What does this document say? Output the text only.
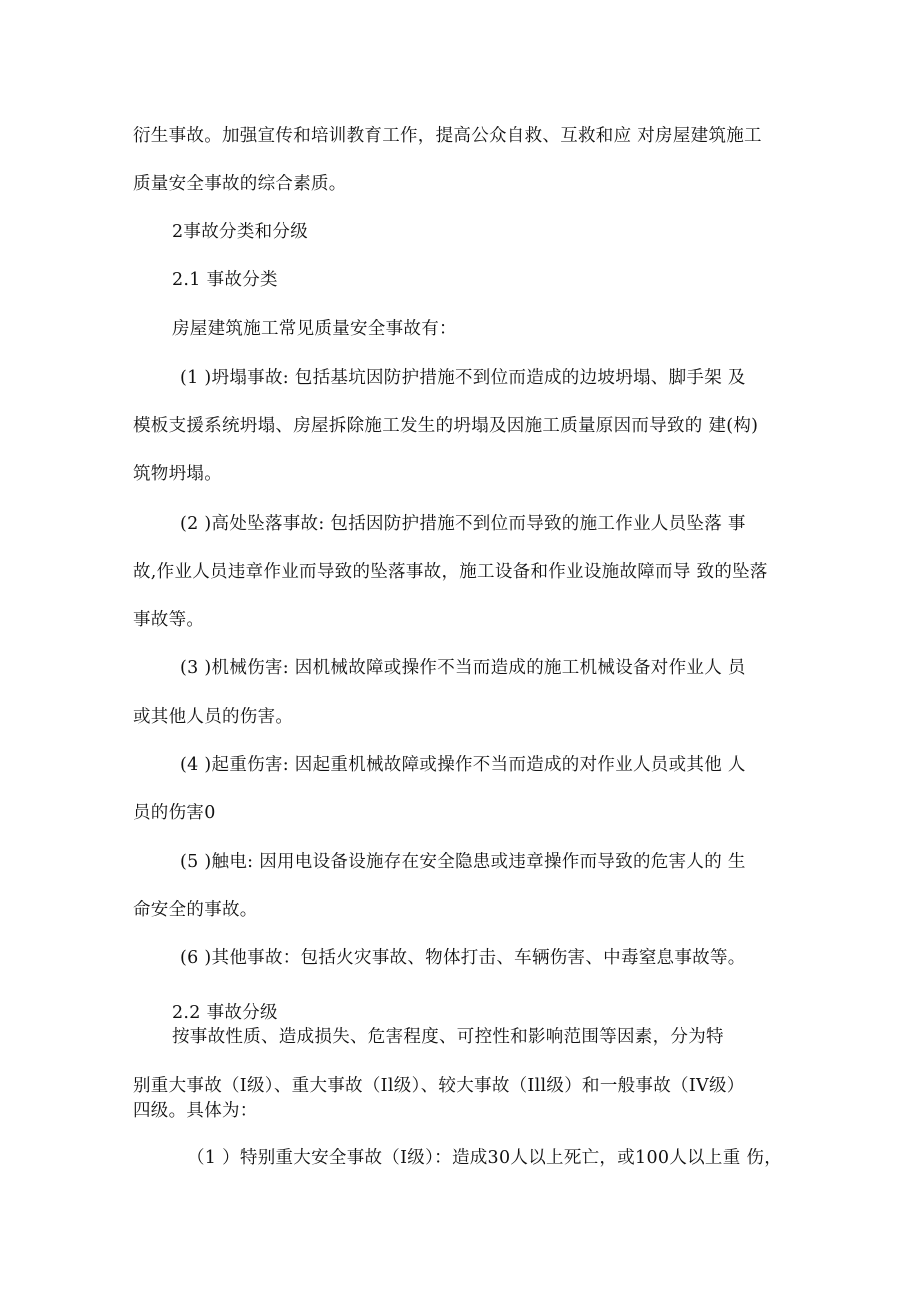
衍生事故。加强宣传和培训教育工作，提高公众自救、互救和应 对房屋建筑施工
质量安全事故的综合素质。
2事故分类和分级
2.1 事故分类
房屋建筑施工常见质量安全事故有：
(1 )坍塌事故: 包括基坑因防护措施不到位而造成的边坡坍塌、脚手架 及
模板支援系统坍塌、房屋拆除施工发生的坍塌及因施工质量原因而导致的 建(构)
筑物坍塌。
(2 )高处坠落事故: 包括因防护措施不到位而导致的施工作业人员坠落 事
故,作业人员违章作业而导致的坠落事故，施工设备和作业设施故障而导 致的坠落
事故等。
(3 )机械伤害: 因机械故障或操作不当而造成的施工机械设备对作业人 员
或其他人员的伤害。
(4 )起重伤害: 因起重机械故障或操作不当而造成的对作业人员或其他 人
员的伤害0
(5 )触电: 因用电设备设施存在安全隐患或违章操作而导致的危害人的 生
命安全的事故。
(6 )其他事故：包括火灾事故、物体打击、车辆伤害、中毒窒息事故等。
2.2 事故分级
按事故性质、造成损失、危害程度、可控性和影响范围等因素，分为特
别重大事故（I级）、重大事故（Il级）、较大事故（Ill级）和一般事故（IV级）
四级。具体为：
（1 ）特别重大安全事故（I级）：造成30人以上死亡，或100人以上重 伤，
